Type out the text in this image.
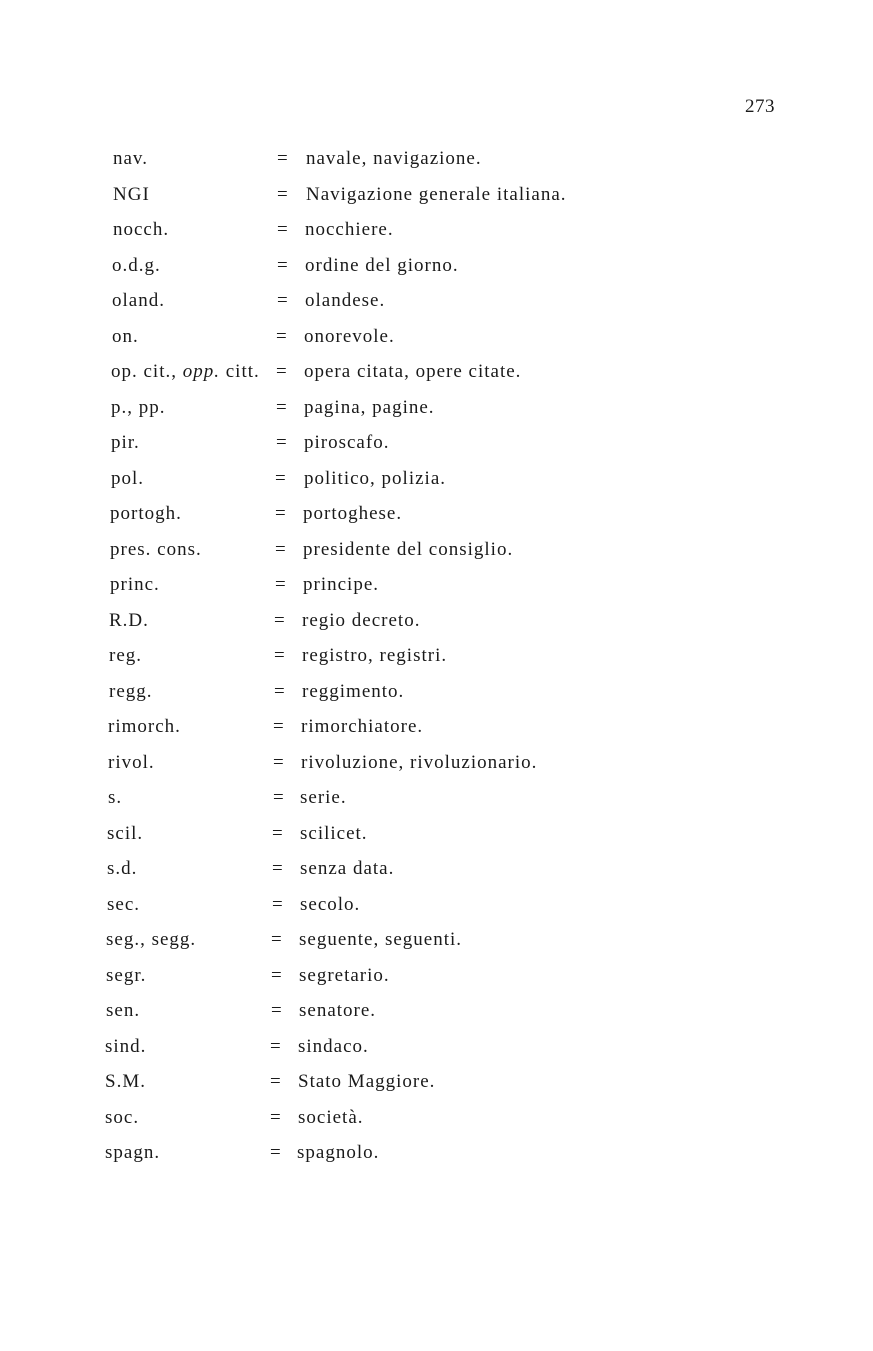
273
nav.	= navale, navigazione.
NGI	= Navigazione generale italiana.
nocch.	= nocchiere.
o.d.g.	= ordine del giorno.
oland.	= olandese.
on.	= onorevole.
op. cit., opp. citt. = opera citata, opere citate.
p., pp.	= pagina, pagine.
pir.	= piroscafo.
pol.	= politico, polizia.
portogh.	= portoghese.
pres. cons.	= presidente del consiglio.
princ.	= principe.
R.D.	= regio decreto.
reg.	= registro, registri.
regg.	= reggimento.
rimorch.	= rimorchiatore.
rivol.	= rivoluzione, rivoluzionario.
s.	= serie.
scil.	= scilicet.
s.d.	= senza data.
sec.	= secolo.
seg., segg.	= seguente, seguenti.
segr.	= segretario.
sen.	= senatore.
sind.	= sindaco.
S.M.	= Stato Maggiore.
soc.	= società.
spagn.	= spagnolo.
